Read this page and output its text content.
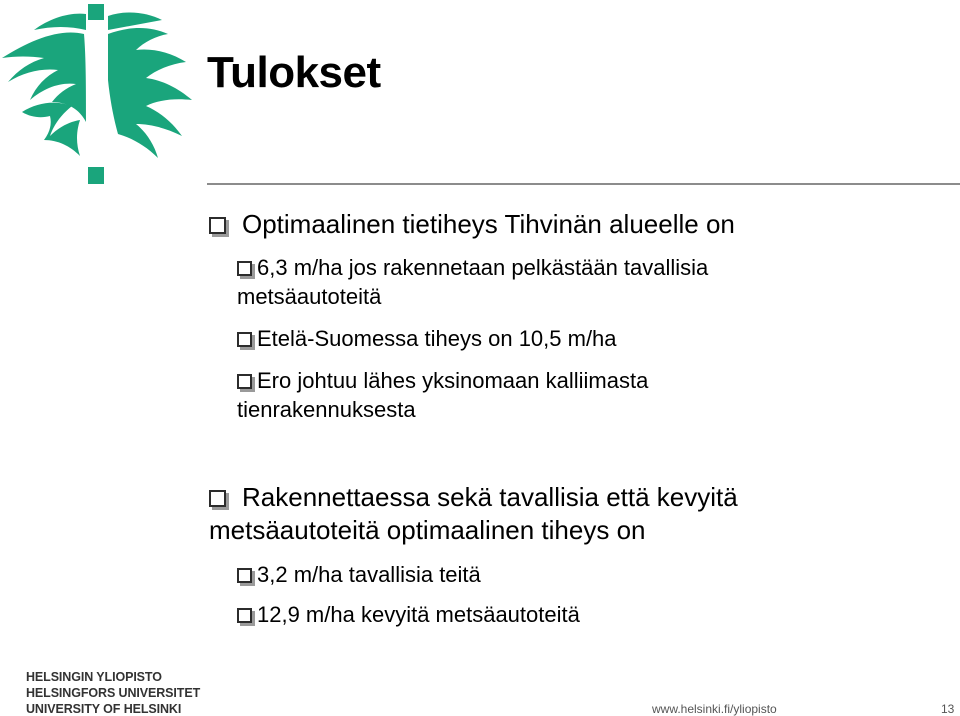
Tulokset
Optimaalinen tietiheys Tihvinän alueelle on
6,3 m/ha jos rakennetaan pelkästään tavallisia
metsäautoteitä
Etelä-Suomessa tiheys on 10,5 m/ha
Ero johtuu lähes yksinomaan kalliimasta
tienrakennuksesta
Rakennettaessa sekä tavallisia että kevyitä
metsäautoteitä optimaalinen tiheys on
3,2 m/ha tavallisia teitä
12,9 m/ha kevyitä metsäautoteitä
HELSINGIN YLIOPISTO
HELSINGFORS UNIVERSITET
UNIVERSITY OF HELSINKI	www.helsinki.fi/yliopisto	13
